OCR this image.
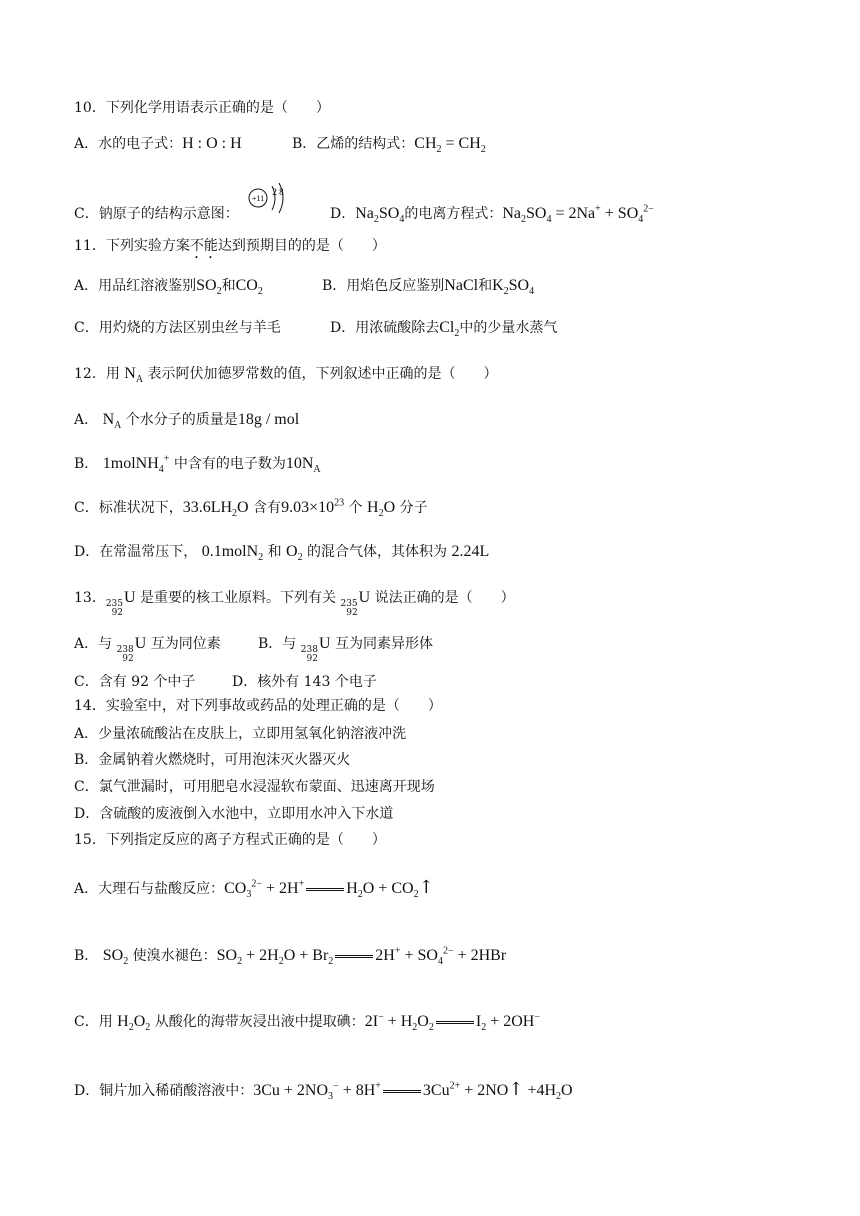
10．下列化学用语表示正确的是（　　）
A．水的电子式：H : O : H	B．乙烯的结构式：$CH_2 = CH_2$
C．钠原子的结构示意图：
+11
2 8
D．$Na_2SO_4$的电离方程式：$Na_2SO_4 = 2Na^+ + SO_4^{2-}$
11．下列实验方案不能达到预期目的的是（　　）
A．用品红溶液鉴别$SO_2$和$CO_2$	B．用焰色反应鉴别NaCl和$K_2SO_4$
C．用灼烧的方法区别虫丝与羊毛	D．用浓硫酸除去$Cl_2$中的少量水蒸气
12．用 $N_A$ 表示阿伏加德罗常数的值，下列叙述中正确的是（　　）
A． $N_A$ 个水分子的质量是18g / mol
B． 1molNH$_4$+ 中含有的电子数为$10N_A$
C．标准状况下，$33.6LH_2O$ 含有$9.03\times 10^{23}$ 个 $H_2O$ 分子
D．在常温常压下， 0.1molN$_2$ 和 $O_2$ 的混合气体，其体积为 2.24L
13． 235
92
U 是重要的核工业原料。下列有关 235
92
U 说法正确的是（　　）
A．与 238
92
U 互为同位素	B．与 238
92
U 互为同素异形体
C．含有 92 个中子	D．核外有 143 个电子
14．实验室中，对下列事故或药品的处理正确的是（　　）
A．少量浓硫酸沾在皮肤上，立即用氢氧化钠溶液冲洗
B．金属钠着火燃烧时，可用泡沫灭火器灭火
C．氯气泄漏时，可用肥皂水浸湿软布蒙面、迅速离开现场
D．含硫酸的废液倒入水池中，立即用水冲入下水道
15．下列指定反应的离子方程式正确的是（　　）
A．大理石与盐酸反应：$CO_3^{2-} + 2H^+$	$H_2O$ + $CO_2↑$
B． $SO_2$ 使溴水褪色：$SO_2 + 2H_2O + Br_2$	$2H^+ + SO_4^{2-} + 2HBr$
C．用 $H_2O_2$ 从酸化的海带灰浸出液中提取碘：$2I^- + H_2O_2$	$I_2 + 2OH^-$
D．铜片加入稀硝酸溶液中：$3Cu + 2NO_3^- + 8H^+$	$3Cu^{2+}$ + 2NO↑ $+4H_2O$
